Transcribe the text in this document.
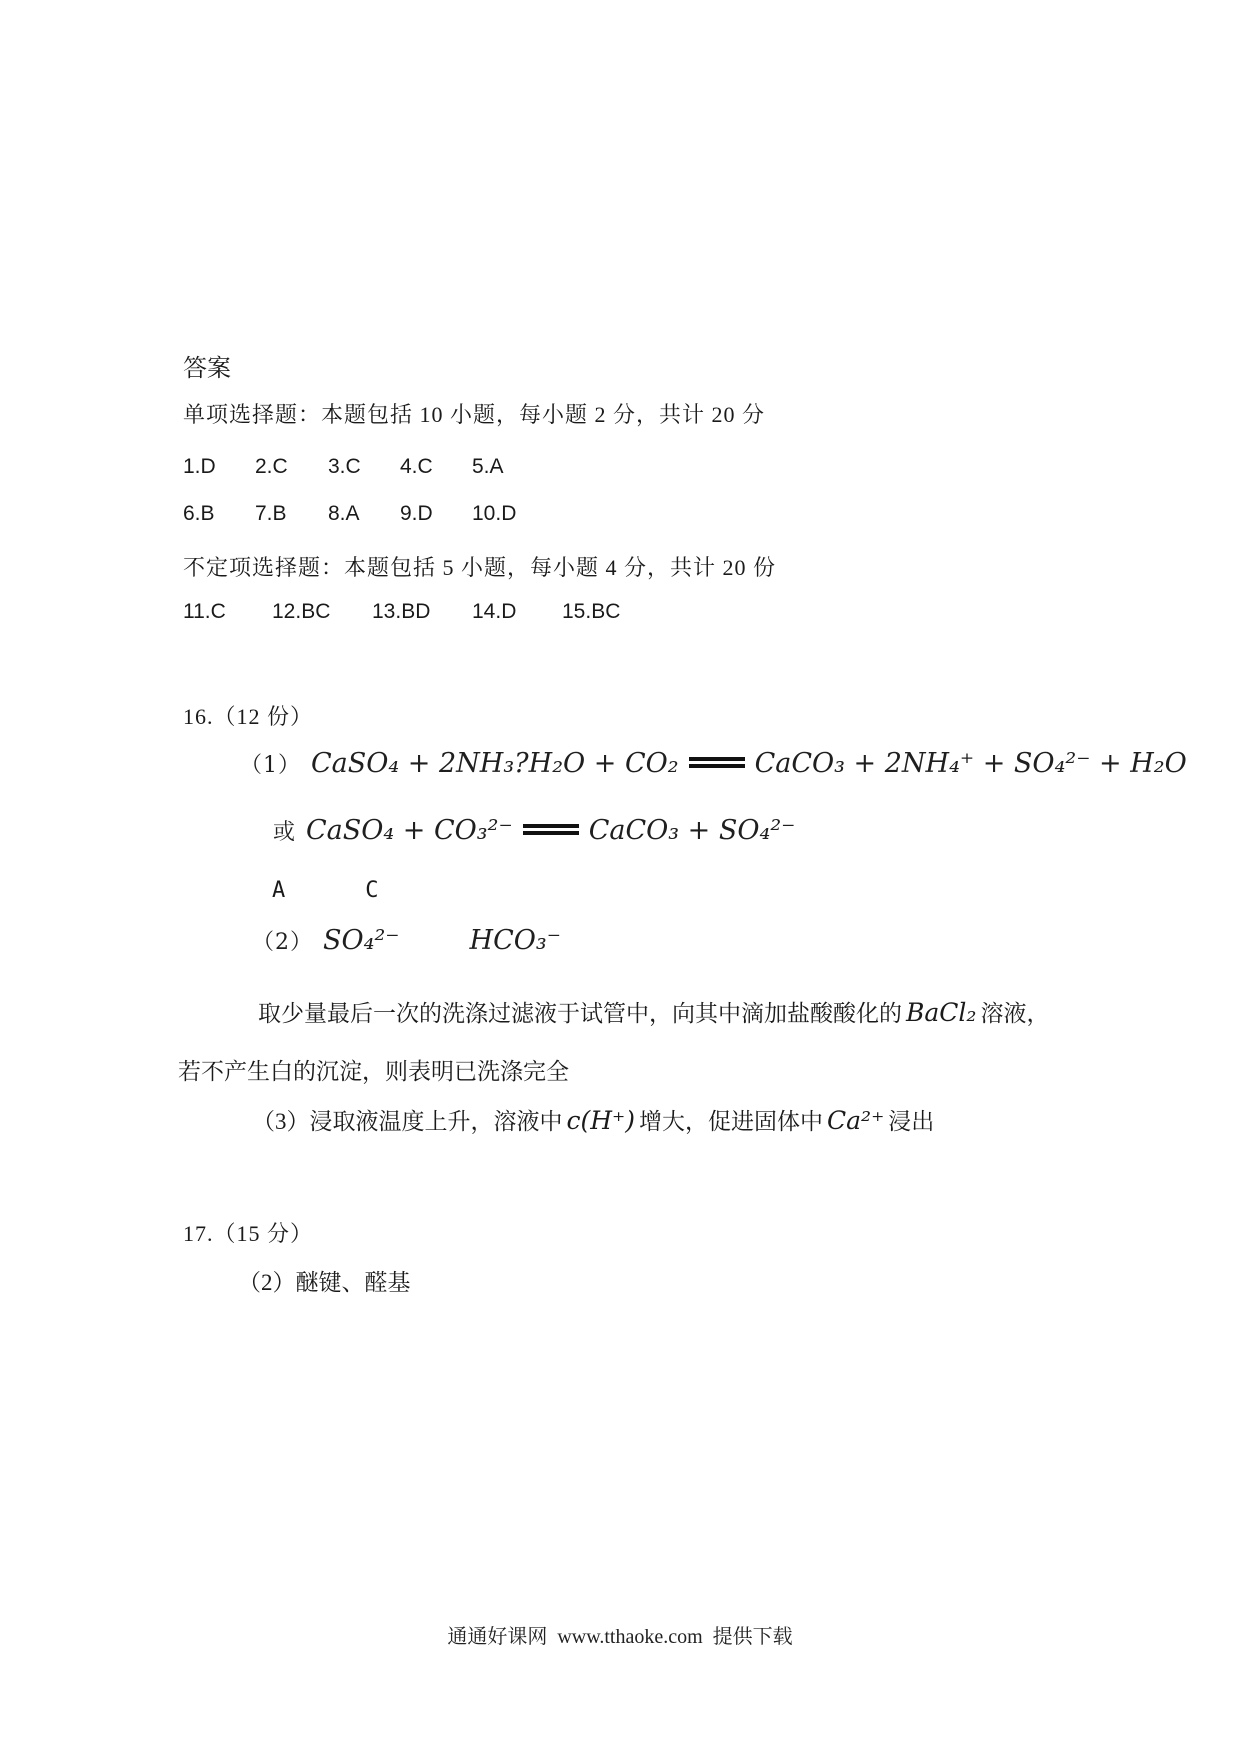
答案
单项选择题：本题包括 10 小题，每小题 2 分，共计 20 分
1.D 2.C 3.C 4.C 5.A
6.B 7.B 8.A 9.D 10.D
不定项选择题：本题包括 5 小题，每小题 4 分，共计 20 份
11.C 12.BC 13.BD 14.D 15.BC
16.（12 份）
（1） CaSO₄ + 2NH₃?H₂O + CO₂	CaCO₃ + 2NH₄⁺ + SO₄²⁻ + H₂O
或 CaSO₄ + CO₃²⁻	CaCO₃ + SO₄²⁻
A	C
（2） SO₄²⁻	HCO₃⁻
取少量最后一次的洗涤过滤液于试管中，向其中滴加盐酸酸化的 BaCl₂ 溶液，
若不产生白的沉淀，则表明已洗涤完全
（3）浸取液温度上升，溶液中 c(H⁺) 增大，促进固体中 Ca²⁺ 浸出
17.（15 分）
（2）醚键、醛基
通通好课网 www.tthaoke.com 提供下载
